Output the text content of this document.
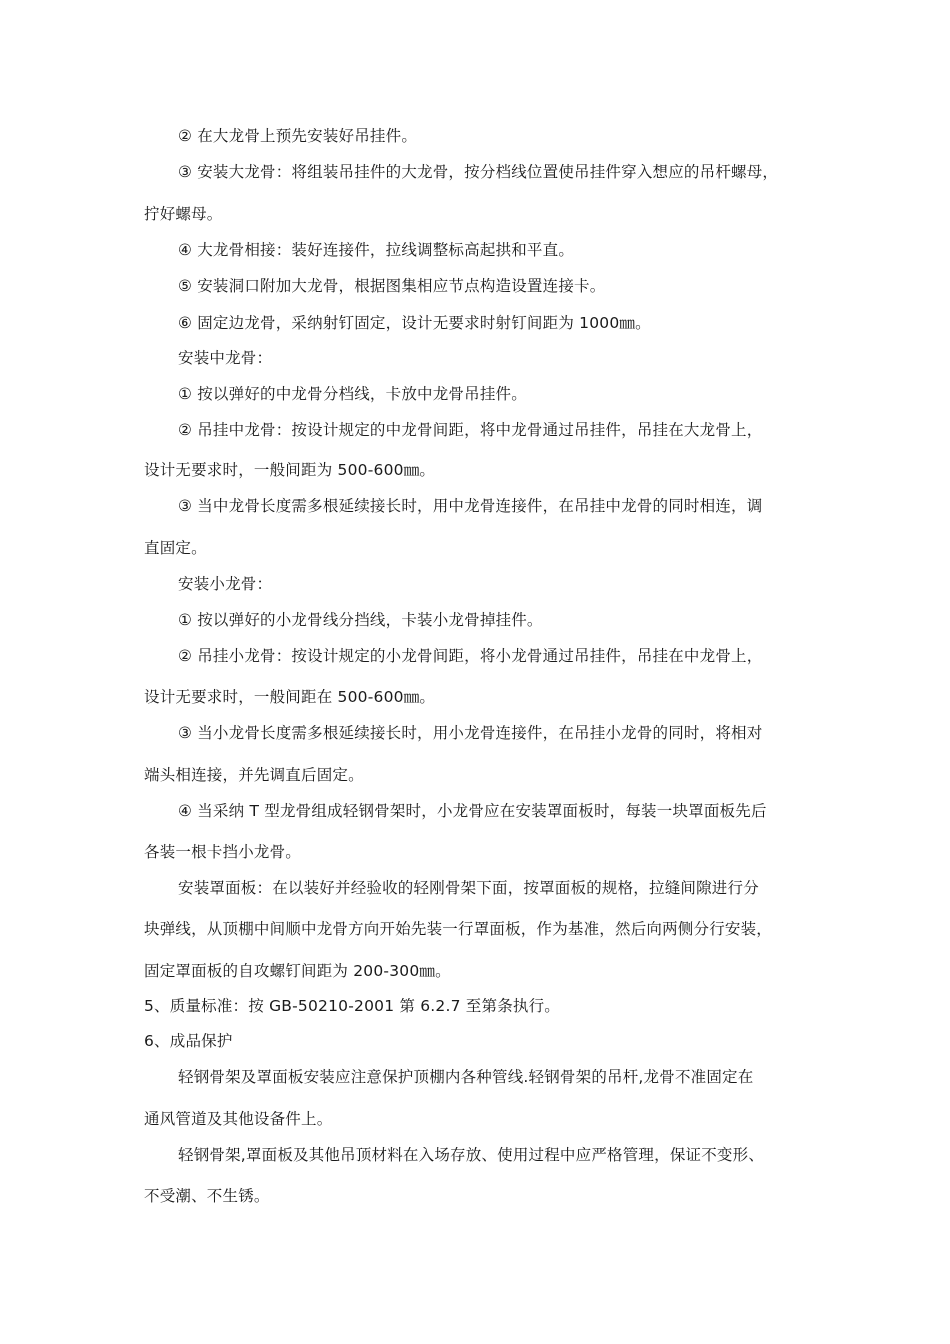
② 在大龙骨上预先安装好吊挂件。
③ 安装大龙骨：将组装吊挂件的大龙骨，按分档线位置使吊挂件穿入想应的吊杆螺母，
拧好螺母。
④ 大龙骨相接：装好连接件，拉线调整标高起拱和平直。
⑤ 安装洞口附加大龙骨，根据图集相应节点构造设置连接卡。
⑥ 固定边龙骨，采纳射钉固定，设计无要求时射钉间距为 1000㎜。
安装中龙骨：
① 按以弹好的中龙骨分档线，卡放中龙骨吊挂件。
② 吊挂中龙骨：按设计规定的中龙骨间距，将中龙骨通过吊挂件，吊挂在大龙骨上，
设计无要求时，一般间距为 500-600㎜。
③ 当中龙骨长度需多根延续接长时，用中龙骨连接件，在吊挂中龙骨的同时相连，调
直固定。
安装小龙骨：
① 按以弹好的小龙骨线分挡线，卡装小龙骨掉挂件。
② 吊挂小龙骨：按设计规定的小龙骨间距，将小龙骨通过吊挂件，吊挂在中龙骨上，
设计无要求时，一般间距在 500-600㎜。
③ 当小龙骨长度需多根延续接长时，用小龙骨连接件，在吊挂小龙骨的同时，将相对
端头相连接，并先调直后固定。
④ 当采纳 T 型龙骨组成轻钢骨架时，小龙骨应在安装罩面板时，每装一块罩面板先后
各装一根卡挡小龙骨。
安装罩面板：在以装好并经验收的轻刚骨架下面，按罩面板的规格，拉缝间隙进行分
块弹线，从顶棚中间顺中龙骨方向开始先装一行罩面板，作为基准，然后向两侧分行安装，
固定罩面板的自攻螺钉间距为 200-300㎜。
5、质量标准：按 GB-50210-2001 第 6.2.7 至第条执行。
6、成品保护
轻钢骨架及罩面板安装应注意保护顶棚内各种管线.轻钢骨架的吊杆,龙骨不准固定在
通风管道及其他设备件上。
轻钢骨架,罩面板及其他吊顶材料在入场存放、使用过程中应严格管理，保证不变形、
不受潮、不生锈。
